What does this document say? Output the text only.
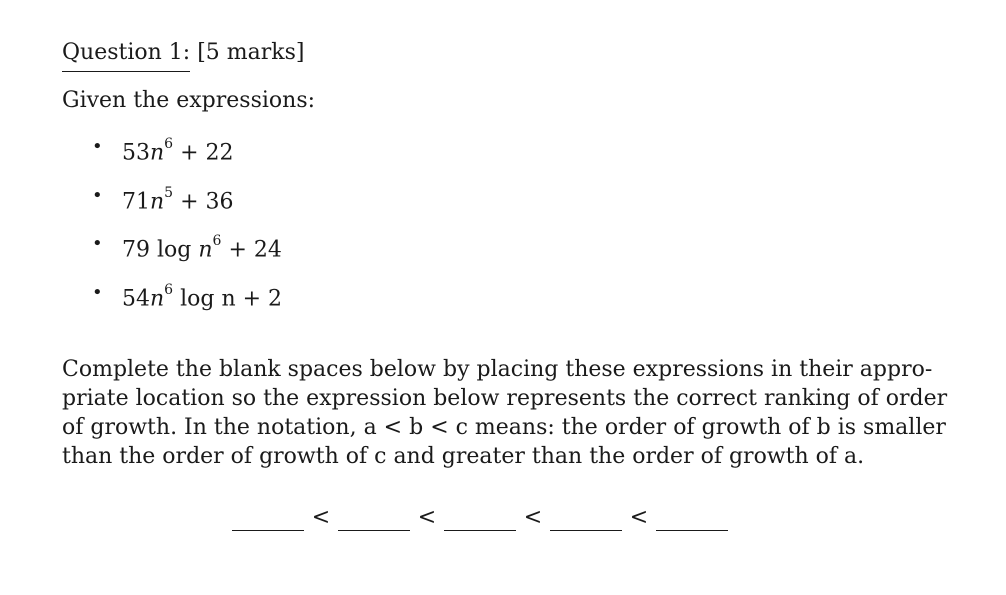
Question 1: [5 marks]
Given the expressions:
• $53n^6 + 22$
• $71n^5 + 36$
• 79 $\log n^6 + 24$
• $54n^6$ log n + 2

Complete the blank spaces below by placing these expressions in their appro-
priate location so the expression below represents the correct ranking of order
of growth. In the notation, a < b < c means: the order of growth of b is smaller
than the order of growth of c and greater than the order of growth of a.

<	<	<	<
